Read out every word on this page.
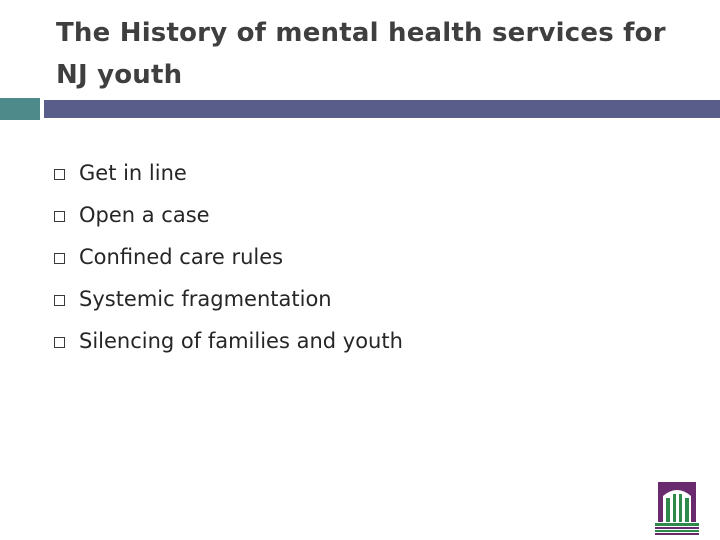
The History of mental health services for NJ youth
Get in line
Open a case
Confined care rules
Systemic fragmentation
Silencing of families and youth
